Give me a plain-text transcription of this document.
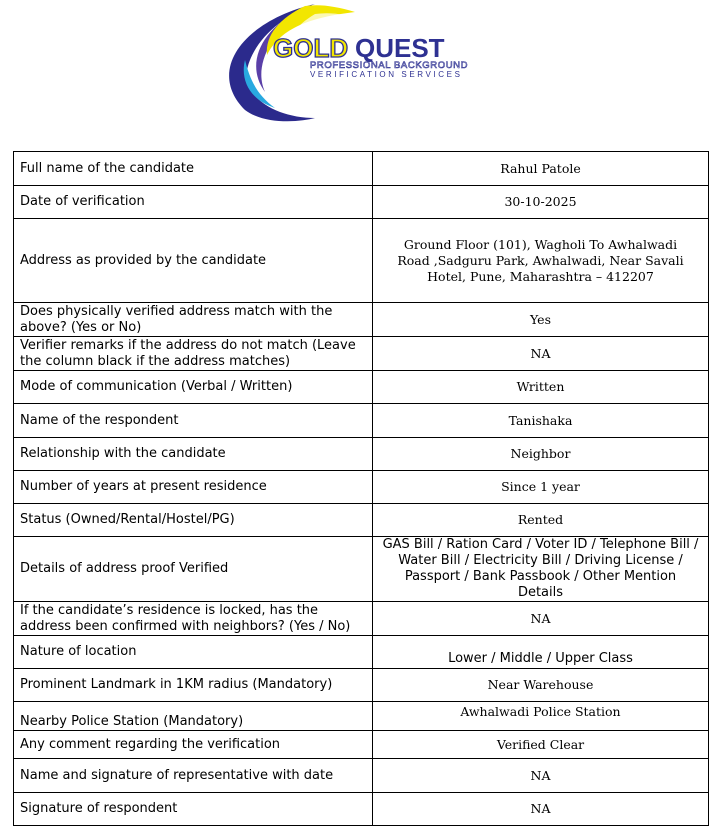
GOLD QUEST
PROFESSIONAL BACKGROUND
VERIFICATION SERVICES
Full name of the candidate	Rahul Patole
Date of verification	30-10-2025
Address as provided by the candidate	Ground Floor (101), Wagholi To Awhalwadi Road ,Sadguru Park, Awhalwadi, Near Savali Hotel, Pune, Maharashtra – 412207
Does physically verified address match with the above? (Yes or No)	Yes
Verifier remarks if the address do not match (Leave the column black if the address matches)	NA
Mode of communication (Verbal / Written)	Written
Name of the respondent	Tanishaka
Relationship with the candidate	Neighbor
Number of years at present residence	Since 1 year
Status (Owned/Rental/Hostel/PG)	Rented
Details of address proof Verified	GAS Bill / Ration Card / Voter ID / Telephone Bill / Water Bill / Electricity Bill / Driving License / Passport / Bank Passbook / Other Mention Details
If the candidate’s residence is locked, has the address been confirmed with neighbors? (Yes / No)	NA
Nature of location	Lower / Middle / Upper Class
Prominent Landmark in 1KM radius (Mandatory)	Near Warehouse
Nearby Police Station (Mandatory)	Awhalwadi Police Station
Any comment regarding the verification	Verified Clear
Name and signature of representative with date	NA
Signature of respondent	NA
